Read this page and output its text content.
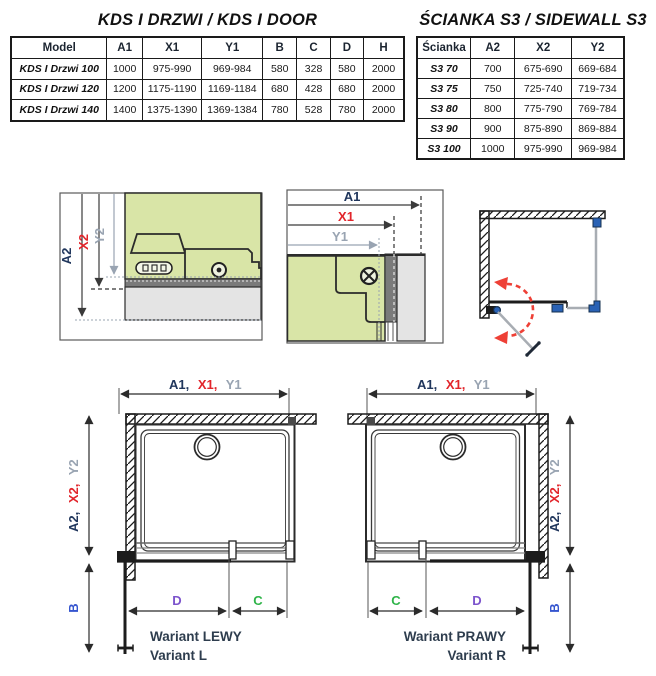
KDS I DRZWI / KDS I DOOR	ŚCIANKA S3 / SIDEWALL S3
Model	A1	X1	Y1	B	C	D	H
KDS I Drzwi 100	1000	975-990	969-984	580	328	580	2000
KDS I Drzwi 120	1200	1175-1190	1169-1184	680	428	680	2000
KDS I Drzwi 140	1400	1375-1390	1369-1384	780	528	780	2000
Ścianka	A2	X2	Y2
S3 70	700	675-690	669-684
S3 75	750	725-740	719-734
S3 80	800	775-790	769-784
S3 90	900	875-890	869-884
S3 100	1000	975-990	969-984
A2
X2 Y2
A1
X1
Y1
A1, X1, Y1
A2, X2, Y2
B	D	C
Wariant LEWY
Variant L
A1, X1, Y1
A2, X2, Y2
B
C	D
Wariant PRAWY
Variant R
